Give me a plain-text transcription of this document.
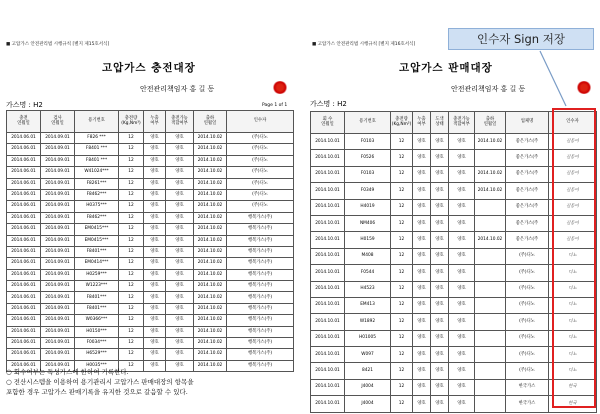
■ 고압가스 안전관리법 시행규칙 [별지 제15호서식]
고압가스 충전대장
안전관리책임자 홍 길 동
가스명 : H2	Page 1 of 1
충전
연월일	검사
연월일	용기번호	충전량
(Kg,Nm³)	누출
여부	충전가능
적합여부	출하
연월일	인수자
2014.06.01	2014.09.01	F826 ***	12	양호	양호	2014.10.02	(주)디노
2014.06.01	2014.09.01	F8401 ***	12	양호	양호	2014.10.02	(주)디노
2014.06.01	2014.09.01	F8401 ***	12	양호	양호	2014.10.02	(주)디노
2014.06.01	2014.09.01	W41024***	12	양호	양호	2014.10.02	(주)디노
2014.06.01	2014.09.01	F8261***	12	양호	양호	2014.10.02	(주)디노
2014.06.01	2014.09.01	F8462***	12	양호	양호	2014.10.02	(주)디노
2014.06.01	2014.09.01	H0375***	12	양호	양호	2014.10.02	(주)디노
2014.06.01	2014.09.01	F8462***	12	양호	양호	2014.10.02	행복가스(주)
2014.06.01	2014.09.01	EM0415***	12	양호	양호	2014.10.02	행복가스(주)
2014.06.01	2014.09.01	EM0415***	12	양호	양호	2014.10.02	행복가스(주)
2014.06.01	2014.09.01	F8401***	12	양호	양호	2014.10.02	행복가스(주)
2014.06.01	2014.09.01	EM0414***	12	양호	양호	2014.10.02	행복가스(주)
2014.06.01	2014.09.01	H0259***	12	양호	양호	2014.10.02	행복가스(주)
2014.06.01	2014.09.01	W1223***	12	양호	양호	2014.10.02	행복가스(주)
2014.06.01	2014.09.01	F8401***	12	양호	양호	2014.10.02	행복가스(주)
2014.06.01	2014.09.01	F8401***	12	양호	양호	2014.10.02	행복가스(주)
2014.06.01	2014.09.01	W0366***	12	양호	양호	2014.10.02	행복가스(주)
2014.06.01	2014.09.01	H0150***	12	양호	양호	2014.10.02	행복가스(주)
2014.06.01	2014.09.01	F0034***	12	양호	양호	2014.10.02	행복가스(주)
2014.06.01	2014.09.01	H6529***	12	양호	양호	2014.10.02	행복가스(주)
2014.06.01	2014.09.01	H0035***	12	양호	양호	2014.10.02	행복가스(주)
○ 회수여부는 독성가스에 한하여 기록한다.
○ 전산시스템을 이용하여 용기관리시 고압가스 판매대장의 항목을
포함한 경우 고압가스 판매기록을 유지한 것으로 갈음할 수 있다.
■ 고압가스 안전관리법 시행규칙 [별지 제16호서식]
고압가스 판매대장
안전관리책임자 홍 길 동
가스명 : H2
회 수
연월일	용기번호	충전량
(Kg,Nm³)	누출
여부	도색
상태	충전가능
적합여부	출하
연월일	업체명	인수자
2014.10.01	F0103	12	양호	양호	양호	2014.10.02	좋은가스(주	길동이
2014.10.01	F0526	12	양호	양호	양호		좋은가스(주	길동이
2014.10.01	F0103	12	양호	양호	양호	2014.10.02	좋은가스(주	길동이
2014.10.01	F0349	12	양호	양호	양호	2014.10.02	좋은가스(주	길동이
2014.10.01	H4019	12	양호	양호	양호		좋은가스(주	길동이
2014.10.01	NM406	12	양호	양호	양호		좋은가스(주	길동이
2014.10.01	H0159	12	양호	양호	양호	2014.10.02	좋은가스(주	길동이
2014.10.01	M408	12	양호	양호	양호		(주)디노	디노
2014.10.01	F0544	12	양호	양호	양호		(주)디노	디노
2014.10.01	H4523	12	양호	양호	양호		(주)디노	디노
2014.10.01	EM413	12	양호	양호	양호		(주)디노	디노
2014.10.01	W1892	12	양호	양호	양호		(주)디노	디노
2014.10.01	H01005	12	양호	양호	양호		(주)디노	디노
2014.10.01	W097	12	양호	양호	양호		(주)디노	디노
2014.10.01	8421	12	양호	양호	양호		(주)디노	디노
2014.10.01	J4004	12	양호	양호	양호		한국가스	한국
2014.10.01	J4004	12	양호	양호	양호		한국가스	한국
인수자 Sign 저장
